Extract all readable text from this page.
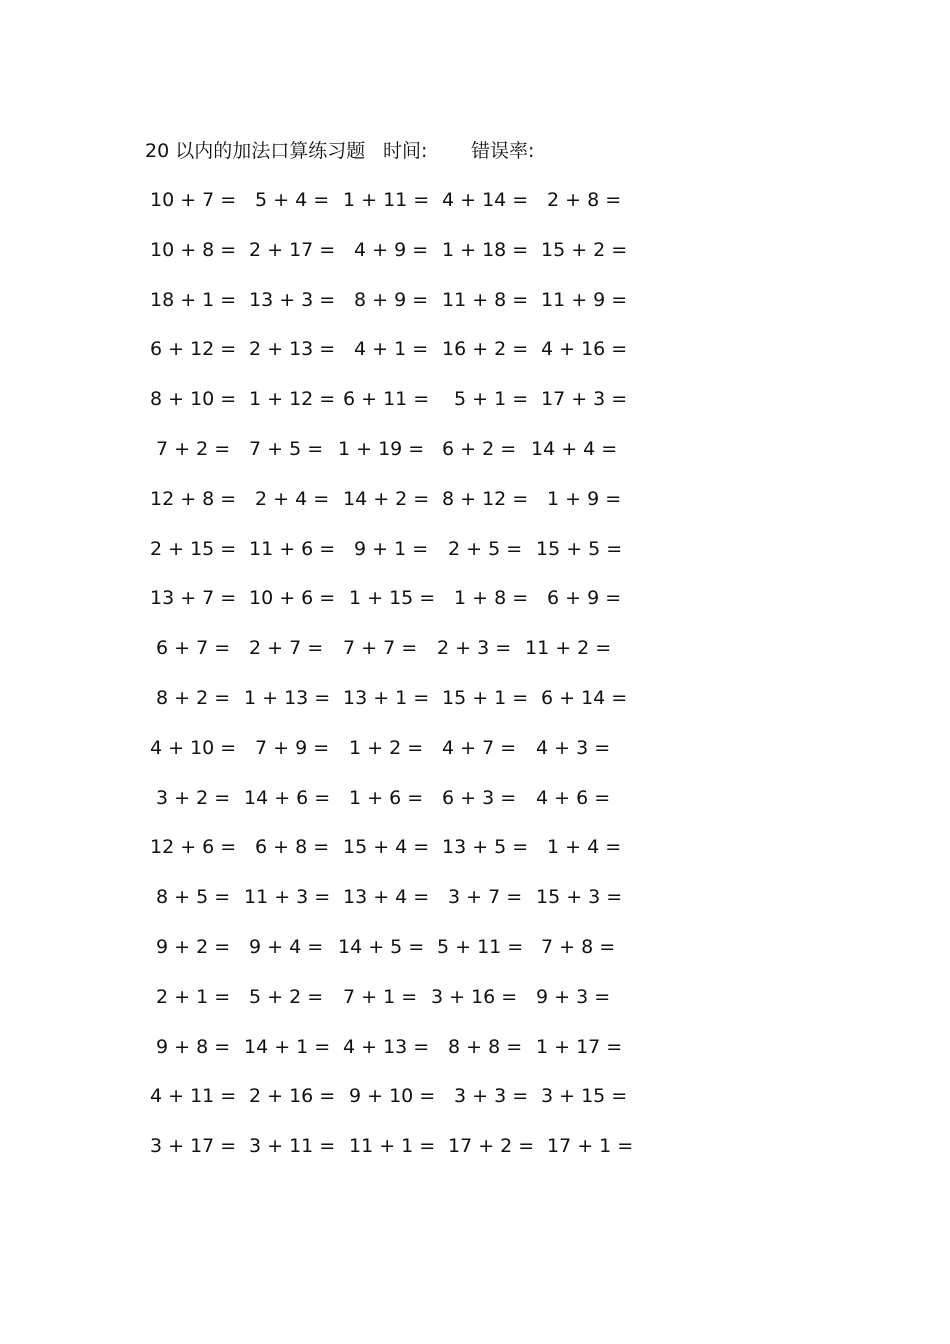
20 以内的加法口算练习题 时间: 错误率:
10 + 7 = 5 + 4 = 1 + 11 = 4 + 14 = 2 + 8 =
10 + 8 = 2 + 17 = 4 + 9 = 1 + 18 = 15 + 2 =
18 + 1 = 13 + 3 = 8 + 9 = 11 + 8 = 11 + 9 =
6 + 12 = 2 + 13 = 4 + 1 = 16 + 2 = 4 + 16 =
8 + 10 = 1 + 12 = 6 + 11 =	5 + 1 = 17 + 3 =
7 + 2 = 7 + 5 = 1 + 19 = 6 + 2 = 14 + 4 =
12 + 8 = 2 + 4 = 14 + 2 = 8 + 12 = 1 + 9 =
2 + 15 = 11 + 6 = 9 + 1 =	2 + 5 = 15 + 5 =
13 + 7 = 10 + 6 = 1 + 15 = 1 + 8 = 6 + 9 =
6 + 7 = 2 + 7 =	7 + 7 =	2 + 3 = 11 + 2 =
8 + 2 = 1 + 13 = 13 + 1 = 15 + 1 = 6 + 14 =
4 + 10 = 7 + 9 =	1 + 2 = 4 + 7 =	4 + 3 =
3 + 2 = 14 + 6 = 1 + 6 = 6 + 3 =	4 + 6 =
12 + 6 = 6 + 8 = 15 + 4 = 13 + 5 = 1 + 4 =
8 + 5 = 11 + 3 = 13 + 4 = 3 + 7 = 15 + 3 =
9 + 2 = 9 + 4 = 14 + 5 = 5 + 11 = 7 + 8 =
2 + 1 = 5 + 2 =	7 + 1 = 3 + 16 = 9 + 3 =
9 + 8 = 14 + 1 = 4 + 13 = 8 + 8 = 1 + 17 =
4 + 11 = 2 + 16 = 9 + 10 = 3 + 3 = 3 + 15 =
3 + 17 = 3 + 11 = 11 + 1 = 17 + 2 = 17 + 1 =
